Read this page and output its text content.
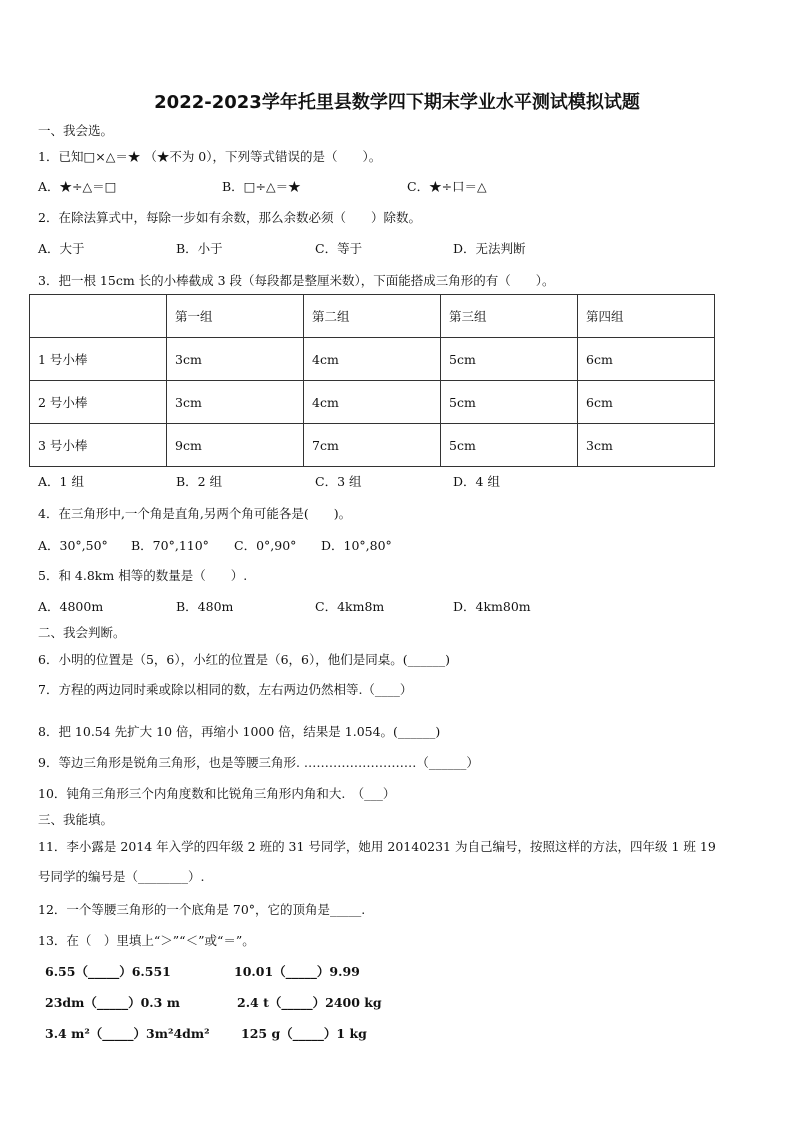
2022-2023学年托里县数学四下期末学业水平测试模拟试题
一、我会选。
1．已知□×△＝★ （★不为 0），下列等式错误的是（　　）。
A．★÷△＝□	B．□÷△＝★	C．★÷口＝△
2．在除法算式中，每除一步如有余数，那么余数必须（　　）除数。
A．大于	B．小于	C．等于	D．无法判断
3．把一根 15cm 长的小棒截成 3 段（每段都是整厘米数），下面能搭成三角形的有（　　）。
	第一组	第二组	第三组	第四组
1 号小棒	3cm	4cm	5cm	6cm
2 号小棒	3cm	4cm	5cm	6cm
3 号小棒	9cm	7cm	5cm	3cm
A．1 组	B．2 组	C．3 组	D．4 组
4．在三角形中,一个角是直角,另两个角可能各是(　　)。
A．30°,50° B．70°,110° C．0°,90° D．10°,80°
5．和 4.8km 相等的数量是（　　）.
A．4800m	B．480m	C．4km8m	D．4km80m
二、我会判断。
6．小明的位置是（5，6），小红的位置是（6，6），他们是同桌。(______)
7．方程的两边同时乘或除以相同的数，左右两边仍然相等.（____）
8．把 10.54 先扩大 10 倍，再缩小 1000 倍，结果是 1.054。(______)
9．等边三角形是锐角三角形，也是等腰三角形. ………………………（______）
10．钝角三角形三个内角度数和比锐角三角形内角和大.　（___）
三、我能填。
11．李小露是 2014 年入学的四年级 2 班的 31 号同学，她用 20140231 为自己编号，按照这样的方法，四年级 1 班 19
号同学的编号是（________）.
12．一个等腰三角形的一个底角是 70°，它的顶角是_____.
13．在（　）里填上“＞”“＜”或“＝”。
6.55（_____）6.551	10.01（_____）9.99
23dm（_____）0.3 m	2.4 t（_____）2400 kg
3.4 m²（_____）3m²4dm²	125 g（_____）1 kg
